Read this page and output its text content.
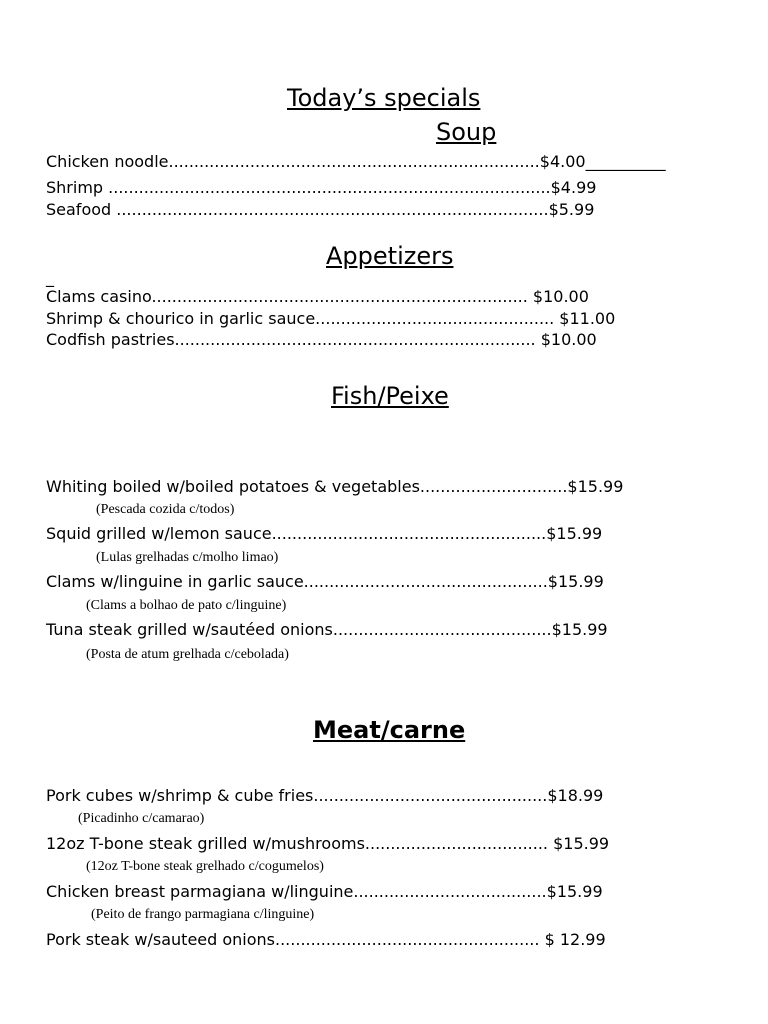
Today’s specials
Soup
Chicken noodle.........................................................................$4.00__________
Shrimp .......................................................................................$4.99
Seafood .....................................................................................$5.99
Appetizers
_
Clams casino.......................................................................... $10.00
Shrimp & chourico in garlic sauce............................................... $11.00
Codfish pastries....................................................................... $10.00
Fish/Peixe
Whiting boiled w/boiled potatoes & vegetables.............................$15.99
(Pescada cozida c/todos)
Squid grilled w/lemon sauce......................................................$15.99
(Lulas grelhadas c/molho limao)
Clams w/linguine in garlic sauce................................................$15.99
(Clams a bolhao de pato c/linguine)
Tuna steak grilled w/sautéed onions...........................................$15.99
(Posta de atum grelhada c/cebolada)
Meat/carne
Pork cubes w/shrimp & cube fries..............................................$18.99
(Picadinho c/camarao)
12oz T-bone steak grilled w/mushrooms.................................... $15.99
(12oz T-bone steak grelhado c/cogumelos)
Chicken breast parmagiana w/linguine......................................$15.99
(Peito de frango parmagiana c/linguine)
Pork steak w/sauteed onions.................................................... $ 12.99
